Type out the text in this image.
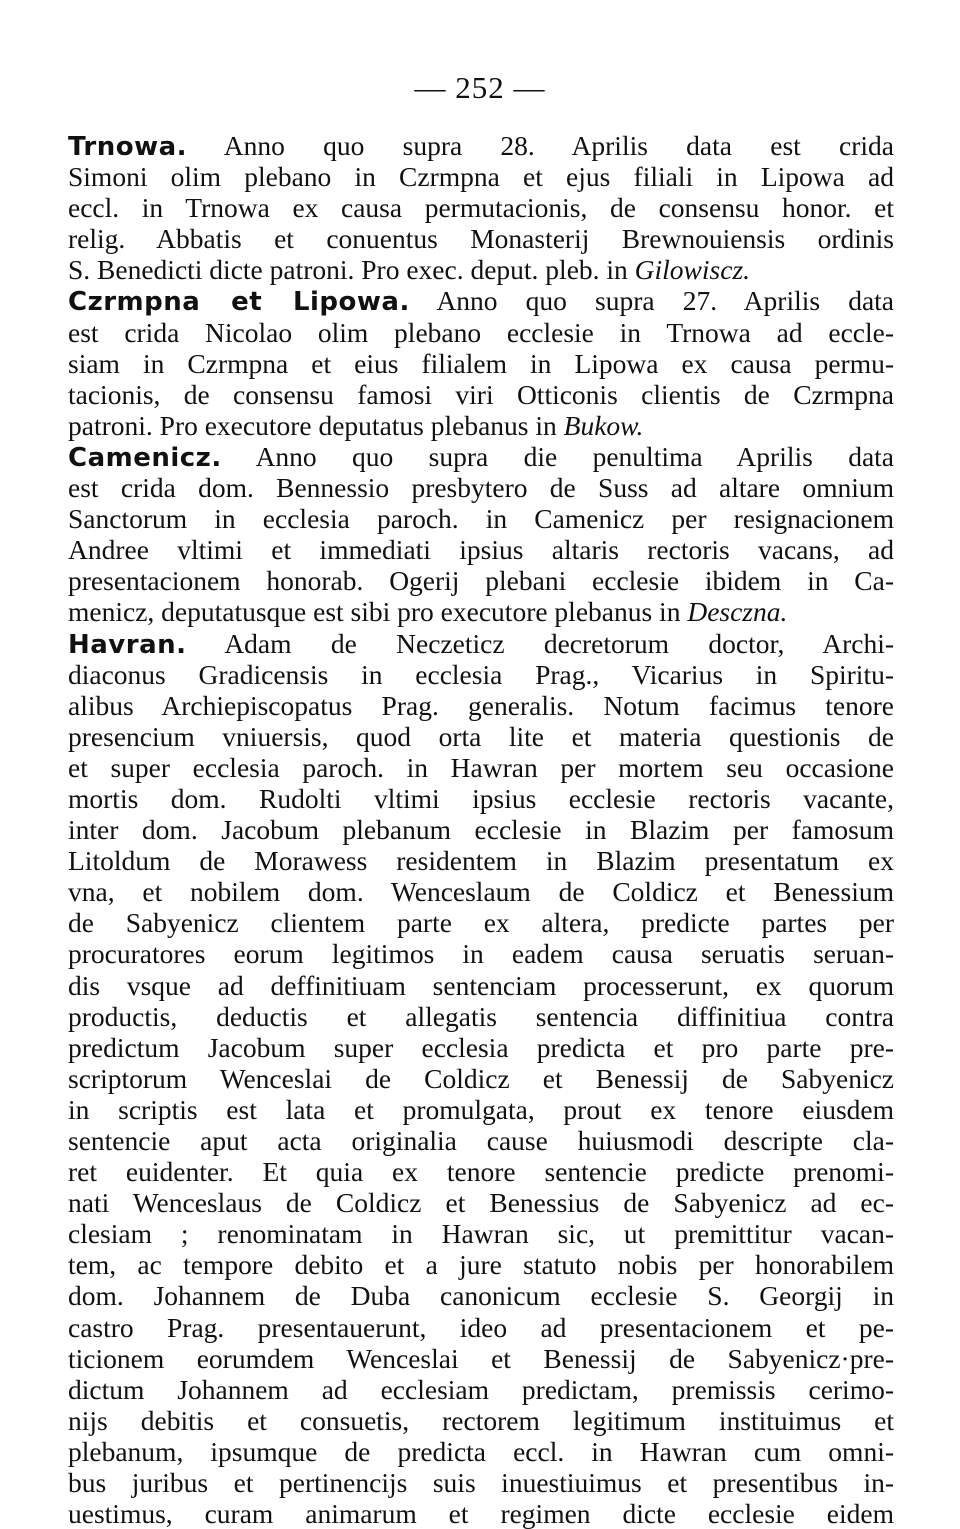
— 252 —
Trnowa. Anno quo supra 28. Aprilis data est crida
Simoni olim plebano in Czrmpna et ejus filiali in Lipowa ad
eccl. in Trnowa ex causa permutacionis, de consensu honor. et
relig. Abbatis et conuentus Monasterij Brewnouiensis ordinis
S. Benedicti dicte patroni. Pro exec. deput. pleb. in Gilowiscz.
Czrmpna et Lipowa. Anno quo supra 27. Aprilis data
est crida Nicolao olim plebano ecclesie in Trnowa ad eccle-
siam in Czrmpna et eius filialem in Lipowa ex causa permu-
tacionis, de consensu famosi viri Otticonis clientis de Czrmpna
patroni. Pro executore deputatus plebanus in Bukow.
Camenicz. Anno quo supra die penultima Aprilis data
est crida dom. Bennessio presbytero de Suss ad altare omnium
Sanctorum in ecclesia paroch. in Camenicz per resignacionem
Andree vltimi et immediati ipsius altaris rectoris vacans, ad
presentacionem honorab. Ogerij plebani ecclesie ibidem in Ca-
menicz, deputatusque est sibi pro executore plebanus in Desczna.
Havran. Adam de Neczeticz decretorum doctor, Archi-
diaconus Gradicensis in ecclesia Prag., Vicarius in Spiritu-
alibus Archiepiscopatus Prag. generalis. Notum facimus tenore
presencium vniuersis, quod orta lite et materia questionis de
et super ecclesia paroch. in Hawran per mortem seu occasione
mortis dom. Rudolti vltimi ipsius ecclesie rectoris vacante,
inter dom. Jacobum plebanum ecclesie in Blazim per famosum
Litoldum de Morawess residentem in Blazim presentatum ex
vna, et nobilem dom. Wenceslaum de Coldicz et Benessium
de Sabyenicz clientem parte ex altera, predicte partes per
procuratores eorum legitimos in eadem causa seruatis seruan-
dis vsque ad deffinitiuam sentenciam processerunt, ex quorum
productis, deductis et allegatis sentencia diffinitiua contra
predictum Jacobum super ecclesia predicta et pro parte pre-
scriptorum Wenceslai de Coldicz et Benessij de Sabyenicz
in scriptis est lata et promulgata, prout ex tenore eiusdem
sentencie aput acta originalia cause huiusmodi descripte cla-
ret euidenter. Et quia ex tenore sentencie predicte prenomi-
nati Wenceslaus de Coldicz et Benessius de Sabyenicz ad ec-
clesiam ; renominatam in Hawran sic, ut premittitur vacan-
tem, ac tempore debito et a jure statuto nobis per honorabilem
dom. Johannem de Duba canonicum ecclesie S. Georgij in
castro Prag. presentauerunt, ideo ad presentacionem et pe-
ticionem eorumdem Wenceslai et Benessij de Sabyenicz·pre-
dictum Johannem ad ecclesiam predictam, premissis cerimo-
nijs debitis et consuetis, rectorem legitimum instituimus et
plebanum, ipsumque de predicta eccl. in Hawran cum omni-
bus juribus et pertinencijs suis inuestiuimus et presentibus in-
uestimus, curam animarum et regimen dicte ecclesie eidem
